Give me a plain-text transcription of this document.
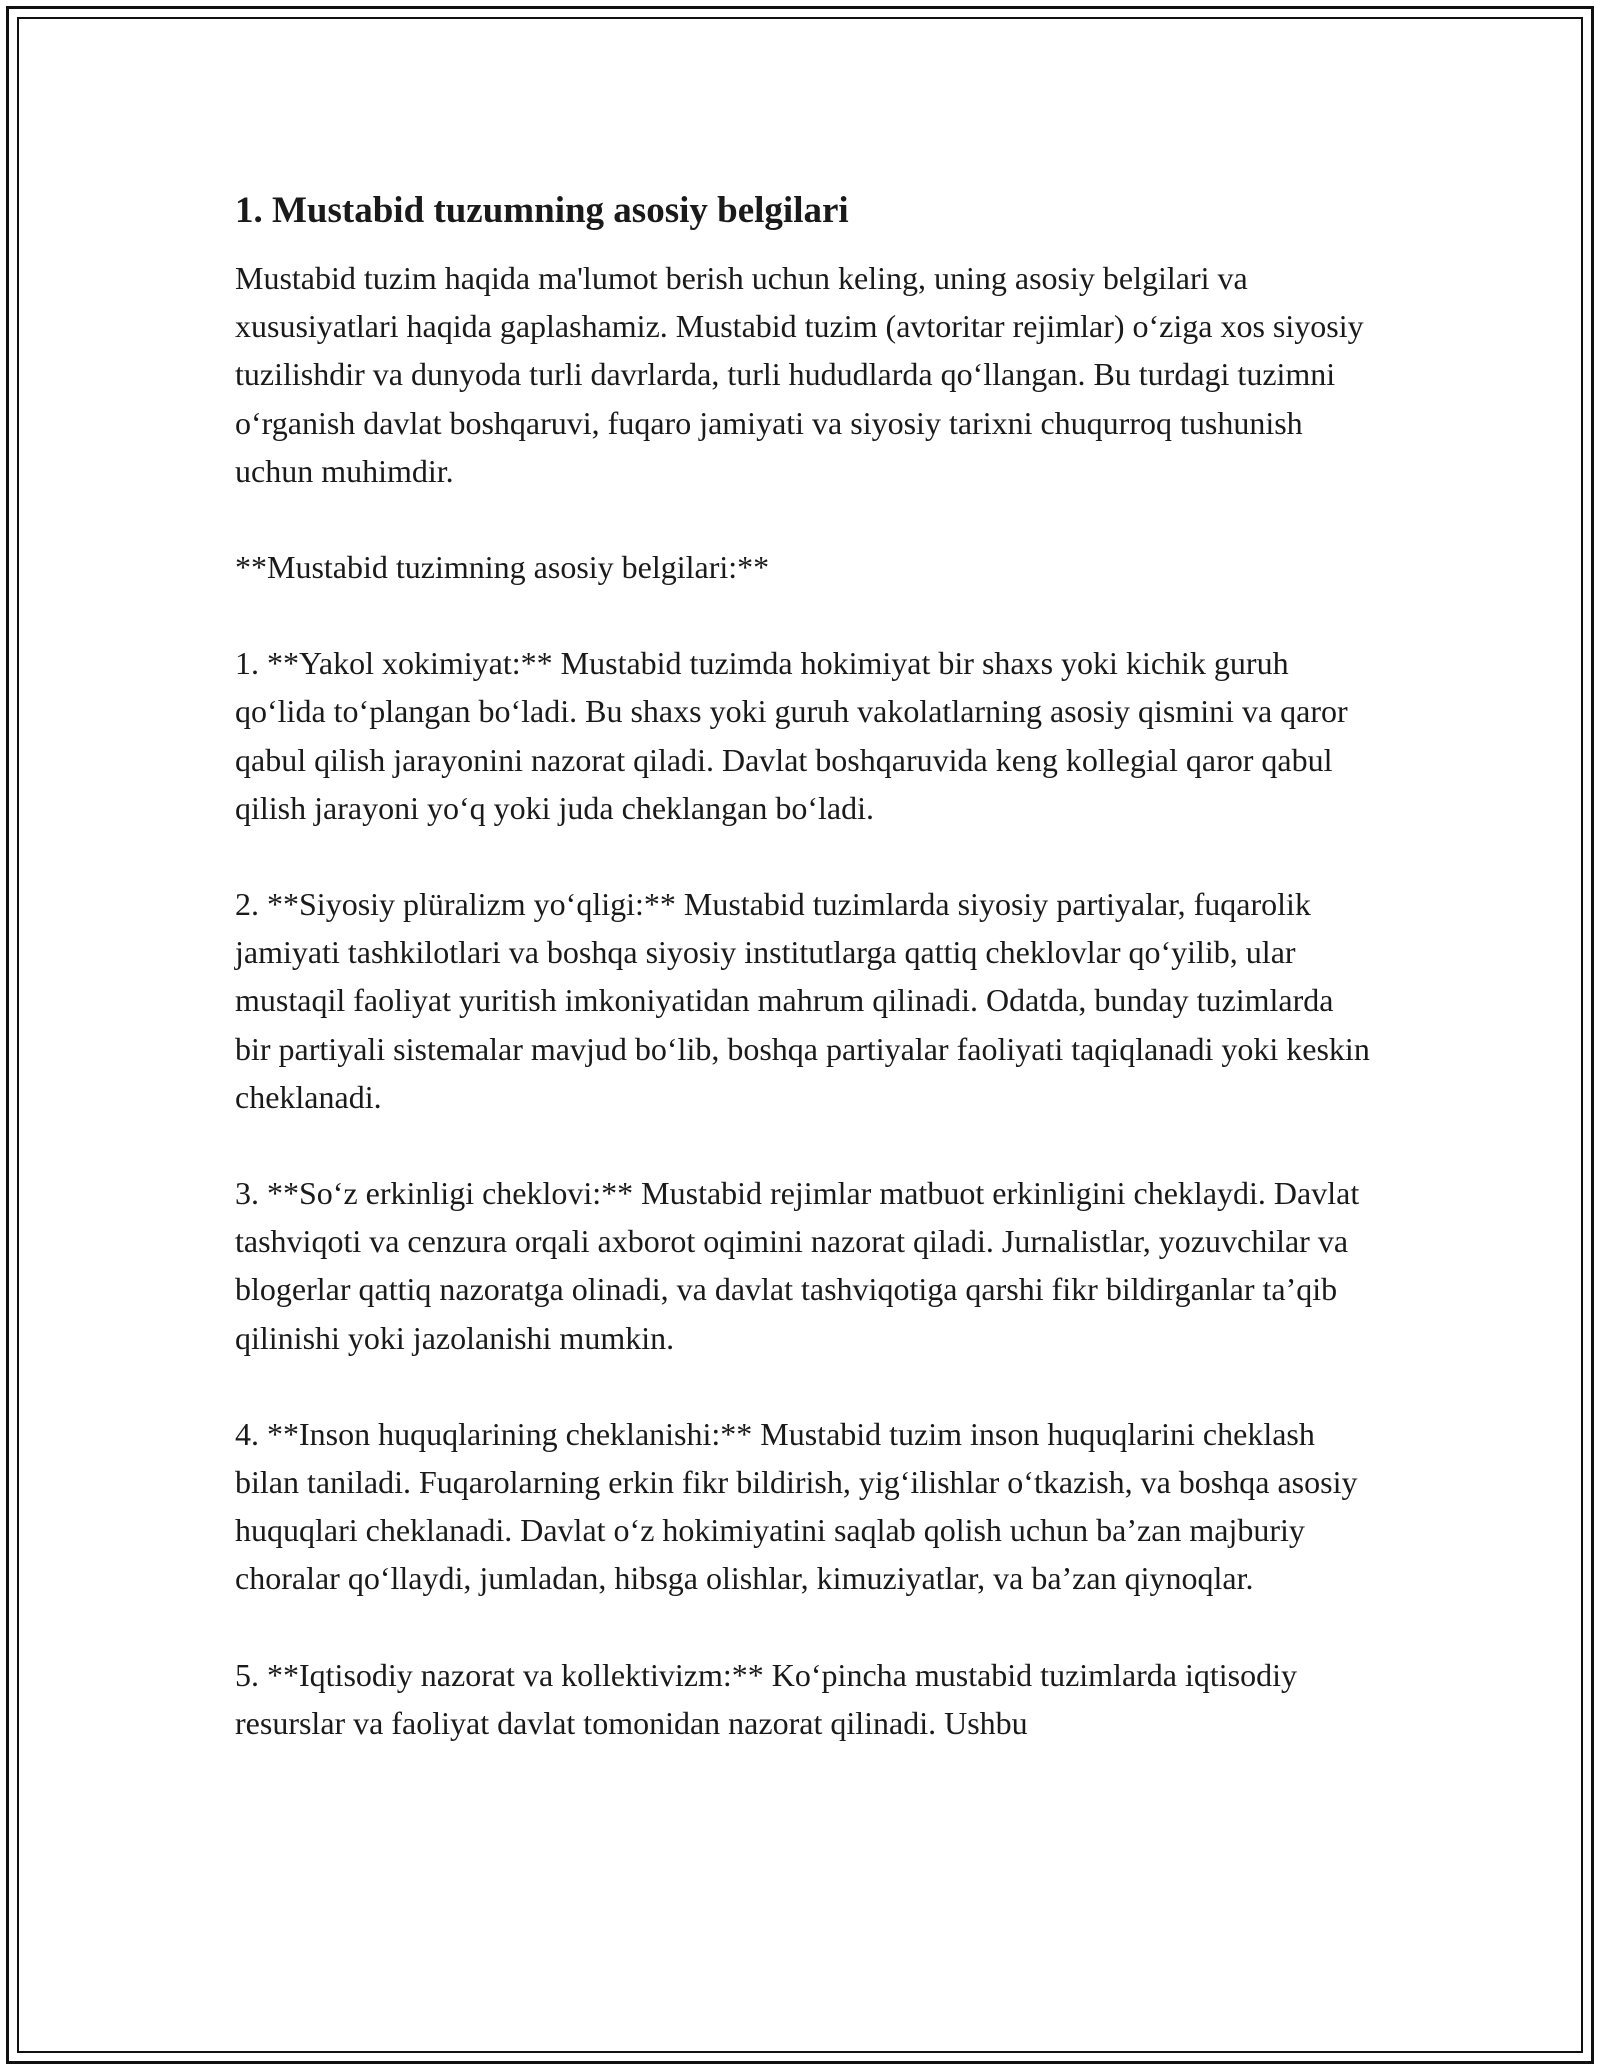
1. Mustabid tuzumning asosiy belgilari

Mustabid tuzim haqida ma'lumot berish uchun keling, uning asosiy belgilari va xususiyatlari haqida gaplashamiz. Mustabid tuzim (avtoritar rejimlar) o‘ziga xos siyosiy tuzilishdir va dunyoda turli davrlarda, turli hududlarda qo‘llangan. Bu turdagi tuzimni o‘rganish davlat boshqaruvi, fuqaro jamiyati va siyosiy tarixni chuqurroq tushunish uchun muhimdir.

**Mustabid tuzimning asosiy belgilari:**

1. **Yakol xokimiyat:** Mustabid tuzimda hokimiyat bir shaxs yoki kichik guruh qo‘lida to‘plangan bo‘ladi. Bu shaxs yoki guruh vakolatlarning asosiy qismini va qaror qabul qilish jarayonini nazorat qiladi. Davlat boshqaruvida keng kollegial qaror qabul qilish jarayoni yo‘q yoki juda cheklangan bo‘ladi.

2. **Siyosiy plüralizm yo‘qligi:** Mustabid tuzimlarda siyosiy partiyalar, fuqarolik jamiyati tashkilotlari va boshqa siyosiy institutlarga qattiq cheklovlar qo‘yilib, ular mustaqil faoliyat yuritish imkoniyatidan mahrum qilinadi. Odatda, bunday tuzimlarda bir partiyali sistemalar mavjud bo‘lib, boshqa partiyalar faoliyati taqiqlanadi yoki keskin cheklanadi.

3. **So‘z erkinligi cheklovi:** Mustabid rejimlar matbuot erkinligini cheklaydi. Davlat tashviqoti va cenzura orqali axborot oqimini nazorat qiladi. Jurnalistlar, yozuvchilar va blogerlar qattiq nazoratga olinadi, va davlat tashviqotiga qarshi fikr bildirganlar ta’qib qilinishi yoki jazolanishi mumkin.

4. **Inson huquqlarining cheklanishi:** Mustabid tuzim inson huquqlarini cheklash bilan taniladi. Fuqarolarning erkin fikr bildirish, yig‘ilishlar o‘tkazish, va boshqa asosiy huquqlari cheklanadi. Davlat o‘z hokimiyatini saqlab qolish uchun ba’zan majburiy choralar qo‘llaydi, jumladan, hibsga olishlar, kimuziyatlar, va ba’zan qiynoqlar.

5. **Iqtisodiy nazorat va kollektivizm:** Ko‘pincha mustabid tuzimlarda iqtisodiy resurslar va faoliyat davlat tomonidan nazorat qilinadi. Ushbu
